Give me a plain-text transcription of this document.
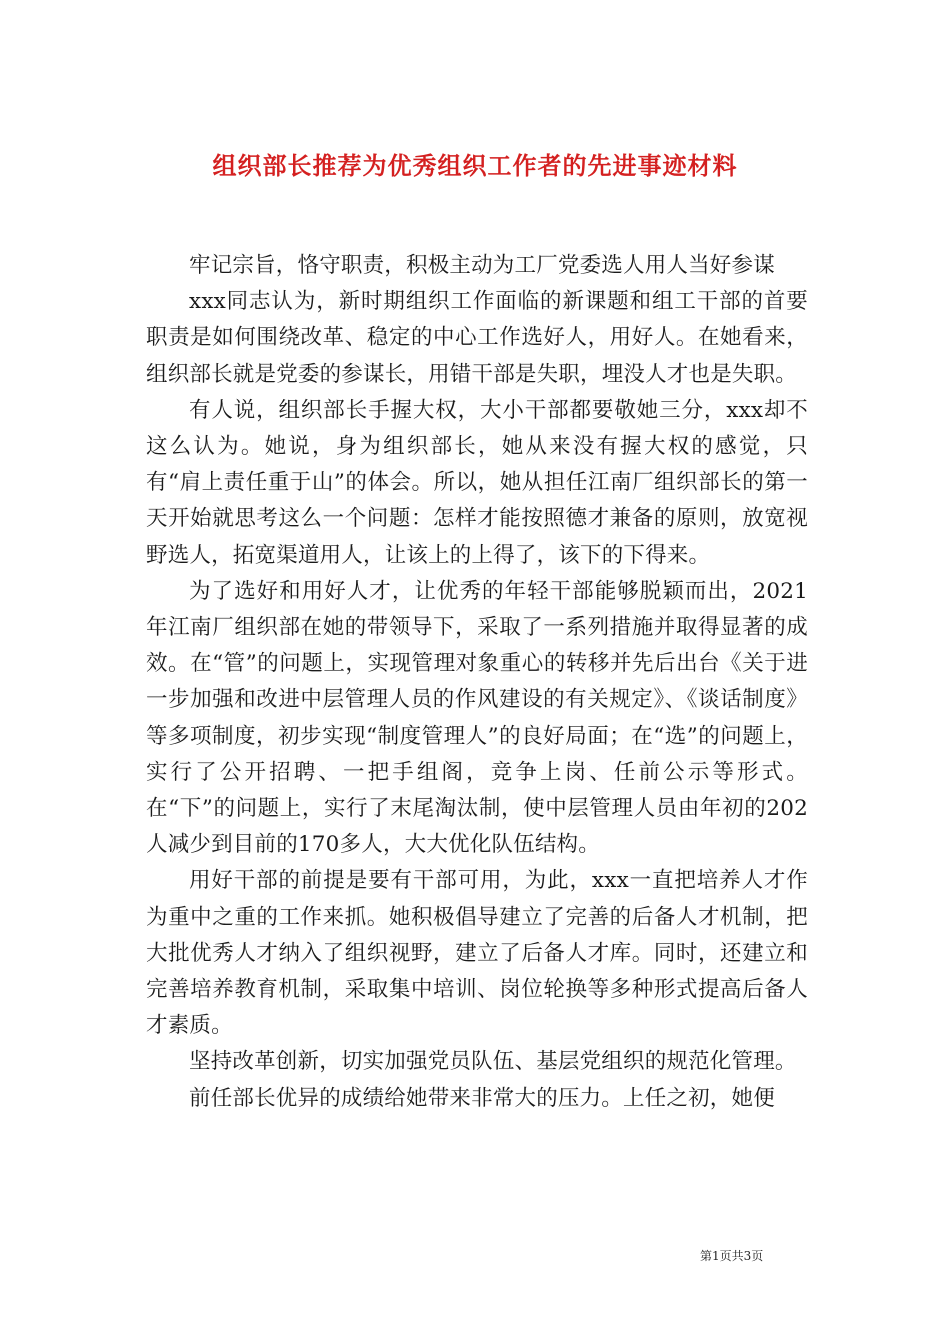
组织部长推荐为优秀组织工作者的先进事迹材料

牢记宗旨，恪守职责，积极主动为工厂党委选人用人当好参谋

xxx同志认为，新时期组织工作面临的新课题和组工干部的首要职责是如何围绕改革、稳定的中心工作选好人，用好人。在她看来，组织部长就是党委的参谋长，用错干部是失职，埋没人才也是失职。

有人说，组织部长手握大权，大小干部都要敬她三分，xxx却不这么认为。她说，身为组织部长，她从来没有握大权的感觉，只有“肩上责任重于山”的体会。所以，她从担任江南厂组织部长的第一天开始就思考这么一个问题：怎样才能按照德才兼备的原则，放宽视野选人，拓宽渠道用人，让该上的上得了，该下的下得来。

为了选好和用好人才，让优秀的年轻干部能够脱颖而出，2021年江南厂组织部在她的带领导下，采取了一系列措施并取得显著的成效。在“管”的问题上，实现管理对象重心的转移并先后出台《关于进一步加强和改进中层管理人员的作风建设的有关规定》、《谈话制度》等多项制度，初步实现“制度管理人”的良好局面；在“选”的问题上，实行了公开招聘、一把手组阁，竞争上岗、任前公示等形式。在“下”的问题上，实行了末尾淘汰制，使中层管理人员由年初的202人减少到目前的170多人，大大优化队伍结构。

用好干部的前提是要有干部可用，为此，xxx一直把培养人才作为重中之重的工作来抓。她积极倡导建立了完善的后备人才机制，把大批优秀人才纳入了组织视野，建立了后备人才库。同时，还建立和完善培养教育机制，采取集中培训、岗位轮换等多种形式提高后备人才素质。

坚持改革创新，切实加强党员队伍、基层党组织的规范化管理。

前任部长优异的成绩给她带来非常大的压力。上任之初，她便

第1页共3页
